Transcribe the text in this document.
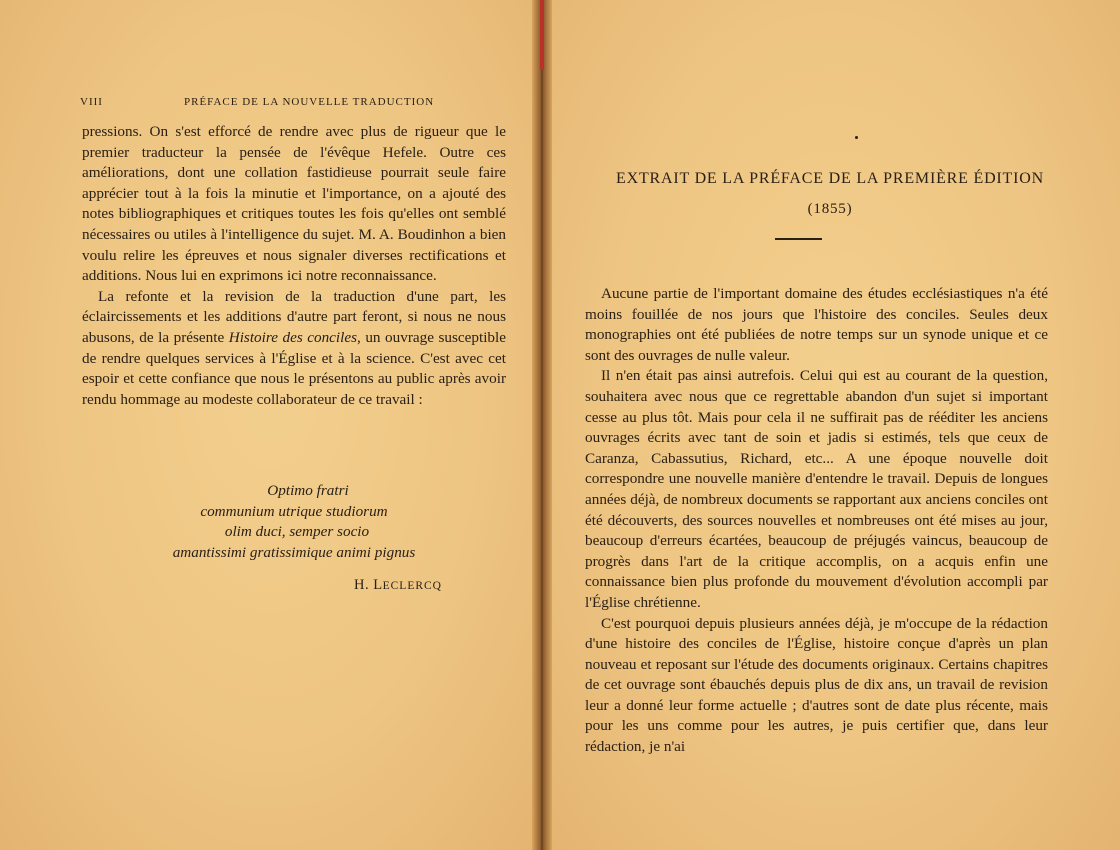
VIII	PRÉFACE DE LA NOUVELLE TRADUCTION

pressions. On s'est efforcé de rendre avec plus de rigueur que le premier traducteur la pensée de l'évêque Hefele. Outre ces améliorations, dont une collation fastidieuse pourrait seule faire apprécier tout à la fois la minutie et l'importance, on a ajouté des notes bibliographiques et critiques toutes les fois qu'elles ont semblé nécessaires ou utiles à l'intelligence du sujet. M. A. Boudinhon a bien voulu relire les épreuves et nous signaler diverses rectifications et additions. Nous lui en exprimons ici notre reconnaissance.

La refonte et la revision de la traduction d'une part, les éclaircissements et les additions d'autre part feront, si nous ne nous abusons, de la présente Histoire des conciles, un ouvrage susceptible de rendre quelques services à l'Église et à la science. C'est avec cet espoir et cette confiance que nous le présentons au public après avoir rendu hommage au modeste collaborateur de ce travail :

Optimo fratri
communium utrique studiorum
olim duci, semper socio
amantissimi gratissimique animi pignus
H. LECLERCQ
EXTRAIT DE LA PRÉFACE DE LA PREMIÈRE ÉDITION
(1855)

Aucune partie de l'important domaine des études ecclésiastiques n'a été moins fouillée de nos jours que l'histoire des conciles. Seules deux monographies ont été publiées de notre temps sur un synode unique et ce sont des ouvrages de nulle valeur.

Il n'en était pas ainsi autrefois. Celui qui est au courant de la question, souhaitera avec nous que ce regrettable abandon d'un sujet si important cesse au plus tôt. Mais pour cela il ne suffirait pas de rééditer les anciens ouvrages écrits avec tant de soin et jadis si estimés, tels que ceux de Caranza, Cabassutius, Richard, etc... A une époque nouvelle doit correspondre une nouvelle manière d'entendre le travail. Depuis de longues années déjà, de nombreux documents se rapportant aux anciens conciles ont été découverts, des sources nouvelles et nombreuses ont été mises au jour, beaucoup d'erreurs écartées, beaucoup de préjugés vaincus, beaucoup de progrès dans l'art de la critique accomplis, on a acquis enfin une connaissance bien plus profonde du mouvement d'évolution accompli par l'Église chrétienne.

C'est pourquoi depuis plusieurs années déjà, je m'occupe de la rédaction d'une histoire des conciles de l'Église, histoire conçue d'après un plan nouveau et reposant sur l'étude des documents originaux. Certains chapitres de cet ouvrage sont ébauchés depuis plus de dix ans, un travail de revision leur a donné leur forme actuelle ; d'autres sont de date plus récente, mais pour les uns comme pour les autres, je puis certifier que, dans leur rédaction, je n'ai
